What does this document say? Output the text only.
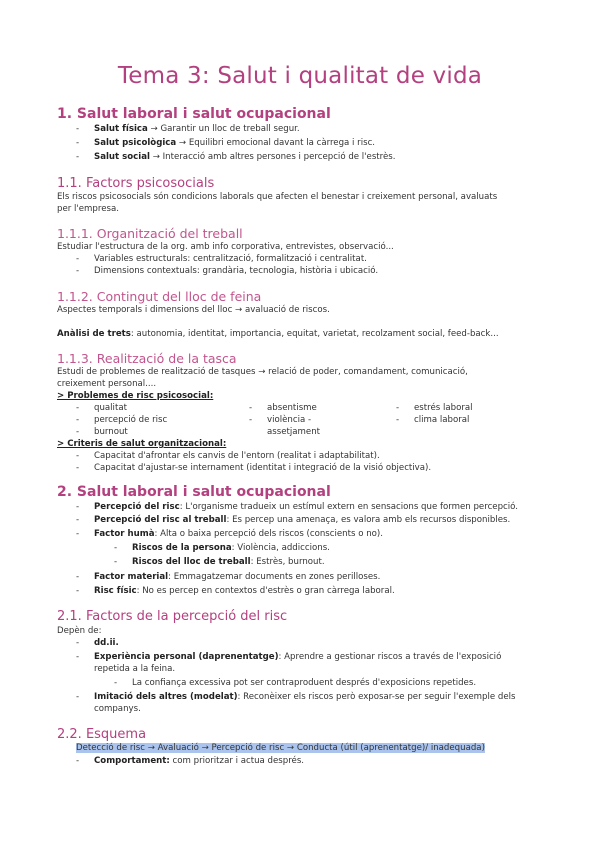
Tema 3: Salut i qualitat de vida
1. Salut laboral i salut ocupacional
- Salut física → Garantir un lloc de treball segur.
- Salut psicològica → Equilibri emocional davant la càrrega i risc.
- Salut social → Interacció amb altres persones i percepció de l'estrès.
1.1. Factors psicosocials
Els riscos psicosocials són condicions laborals que afecten el benestar i creixement personal, avaluats
per l'empresa.
1.1.1. Organització del treball
Estudiar l'estructura de la org. amb info corporativa, entrevistes, observació...
- Variables estructurals: centralització, formalització i centralitat.
- Dimensions contextuals: grandària, tecnologia, història i ubicació.
1.1.2. Contingut del lloc de feina
Aspectes temporals i dimensions del lloc → avaluació de riscos.
Anàlisi de trets: autonomia, identitat, importancia, equitat, varietat, recolzament social, feed-back...
1.1.3. Realització de la tasca
Estudi de problemes de realització de tasques → relació de poder, comandament, comunicació,
creixement personal....
> Problemes de risc psicosocial:
- qualitat
- percepció de risc
- burnout
- absentisme
- violència -
assetjament
- estrés laboral
- clima laboral
> Criteris de salut organitzacional:
- Capacitat d'afrontar els canvis de l'entorn (realitat i adaptabilitat).
- Capacitat d'ajustar-se internament (identitat i integració de la visió objectiva).
2. Salut laboral i salut ocupacional
- Percepció del risc: L'organisme tradueix un estímul extern en sensacions que formen percepció.
- Percepció del risc al treball: Es percep una amenaça, es valora amb els recursos disponibles.
- Factor humà: Alta o baixa percepció dels riscos (conscients o no).
- Riscos de la persona: Violència, addiccions.
- Riscos del lloc de treball: Estrès, burnout.
- Factor material: Emmagatzemar documents en zones perilloses.
- Risc físic: No es percep en contextos d'estrès o gran càrrega laboral.
2.1. Factors de la percepció del risc
Depèn de:
- dd.ii.
- Experiència personal (daprenentatge): Aprendre a gestionar riscos a través de l'exposició
repetida a la feina.
- La confiança excessiva pot ser contraproduent després d'exposicions repetides.
- Imitació dels altres (modelat): Reconèixer els riscos però exposar-se per seguir l'exemple dels
companys.
2.2. Esquema
Detecció de risc → Avaluació → Percepció de risc → Conducta (útil (aprenentatge)/ inadequada)
- Comportament: com prioritzar i actua després.
